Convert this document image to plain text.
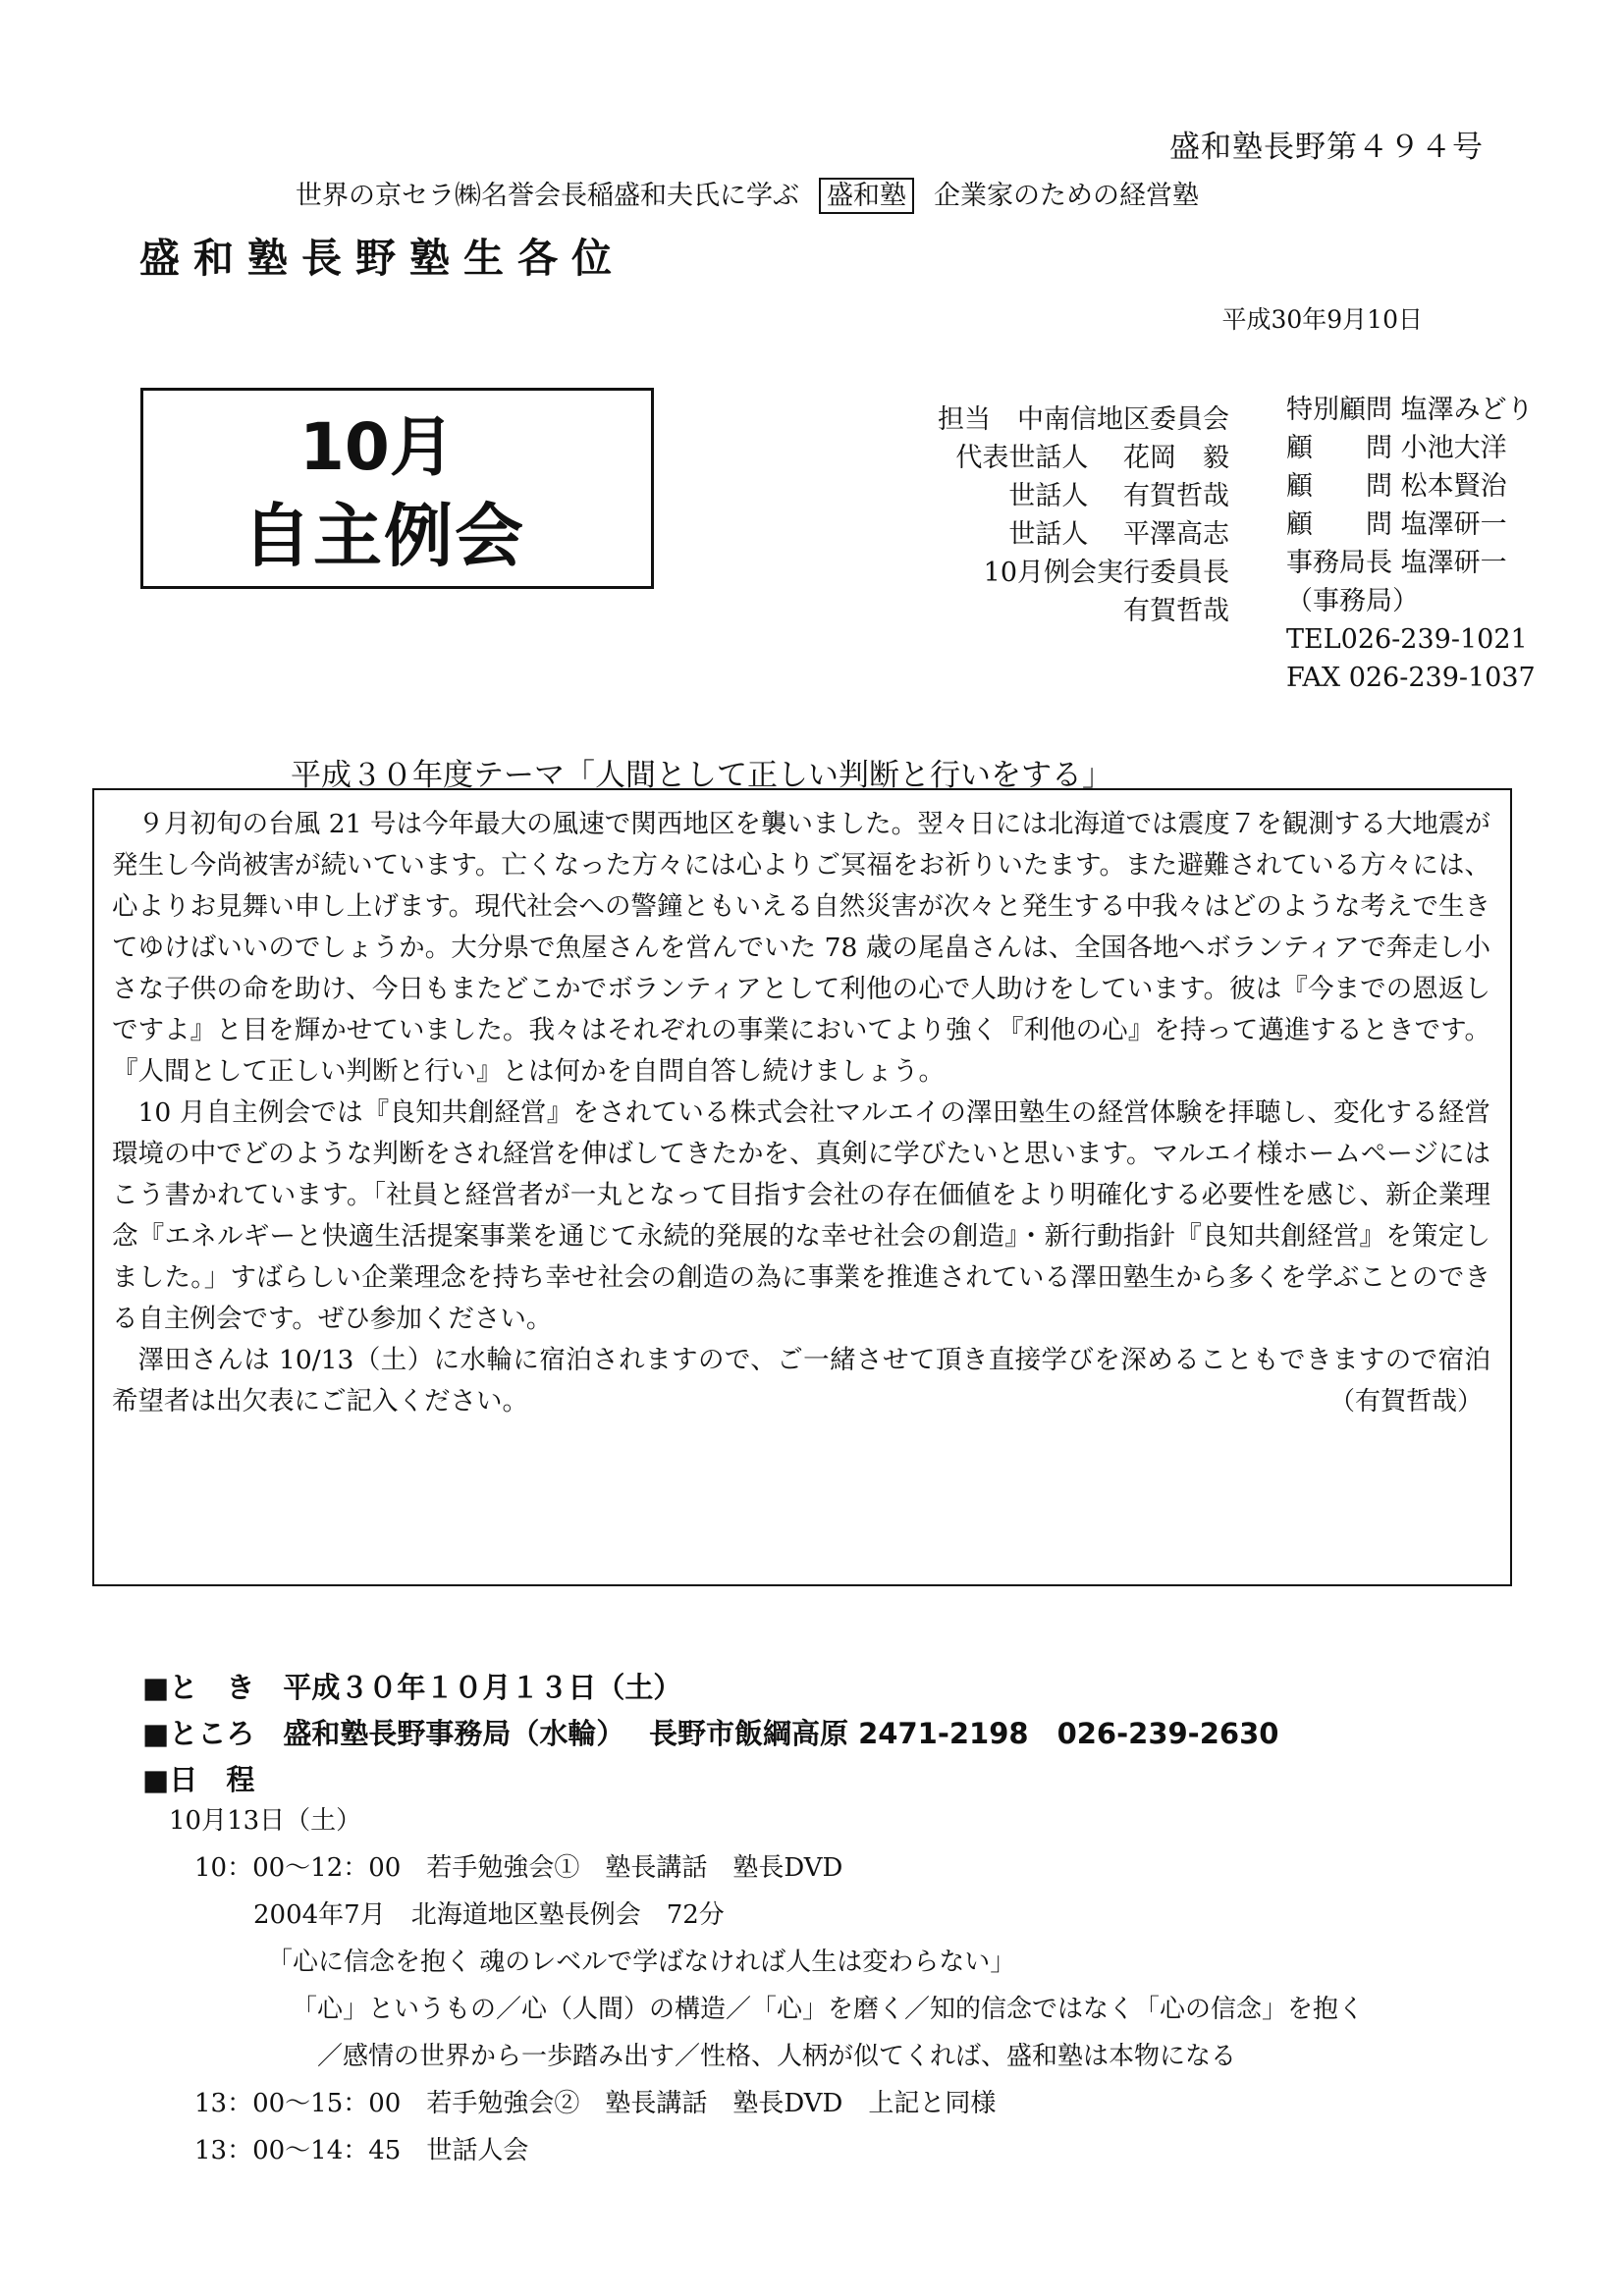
盛和塾長野第４９４号
世界の京セラ㈱名誉会長稲盛和夫氏に学ぶ 盛和塾 企業家のための経営塾
盛和塾長野塾生各位
平成30年9月10日
10月
自主例会
担当　中南信地区委員会
代表世話人　 花岡　毅
世話人　 有賀哲哉
世話人　 平澤高志
10月例会実行委員長
有賀哲哉
特別顧問 塩澤みどり
顧　　問 小池大洋
顧　　問 松本賢治
顧　　問 塩澤研一
事務局長 塩澤研一
（事務局）
TEL026-239-1021
FAX 026-239-1037
平成３０年度テーマ「人間として正しい判断と行いをする」

９月初旬の台風 21 号は今年最大の風速で関西地区を襲いました。翌々日には北海道では震度７を観測する大地震が発生し今尚被害が続いています。亡くなった方々には心よりご冥福をお祈りいたます。また避難されている方々には、心よりお見舞い申し上げます。現代社会への警鐘ともいえる自然災害が次々と発生する中我々はどのような考えで生きてゆけばいいのでしょうか。大分県で魚屋さんを営んでいた 78 歳の尾畠さんは、全国各地へボランティアで奔走し小さな子供の命を助け、今日もまたどこかでボランティアとして利他の心で人助けをしています。彼は『今までの恩返しですよ』と目を輝かせていました。我々はそれぞれの事業においてより強く『利他の心』を持って邁進するときです。『人間として正しい判断と行い』とは何かを自問自答し続けましょう。

10 月自主例会では『良知共創経営』をされている株式会社マルエイの澤田塾生の経営体験を拝聴し、変化する経営環境の中でどのような判断をされ経営を伸ばしてきたかを、真剣に学びたいと思います。マルエイ様ホームページにはこう書かれています。「社員と経営者が一丸となって目指す会社の存在価値をより明確化する必要性を感じ、新企業理念『エネルギーと快適生活提案事業を通じて永続的発展的な幸せ社会の創造』・新行動指針『良知共創経営』を策定しました。」すばらしい企業理念を持ち幸せ社会の創造の為に事業を推進されている澤田塾生から多くを学ぶことのできる自主例会です。ぜひ参加ください。

澤田さんは 10/13（土）に水輪に宿泊されますので、ご一緒させて頂き直接学びを深めることもできますので宿泊希望者は出欠表にご記入ください。	（有賀哲哉）
■と　き　 平成３０年１０月１３日（土）
■ところ　 盛和塾長野事務局（水輪）　 長野市飯綱高原 2471-2198　026-239-2630
■日　程
10月13日（土）
10：00～12：00　 若手勉強会①　塾長講話　塾長DVD
2004年7月　北海道地区塾長例会　72分
「心に信念を抱く 魂のレベルで学ばなければ人生は変わらない」
「心」というもの／心（人間）の構造／「心」を磨く／知的信念ではなく「心の信念」を抱く
／感情の世界から一歩踏み出す／性格、人柄が似てくれば、盛和塾は本物になる
13：00～15：00　 若手勉強会②　塾長講話　塾長DVD　上記と同様
13：00～14：45　 世話人会
